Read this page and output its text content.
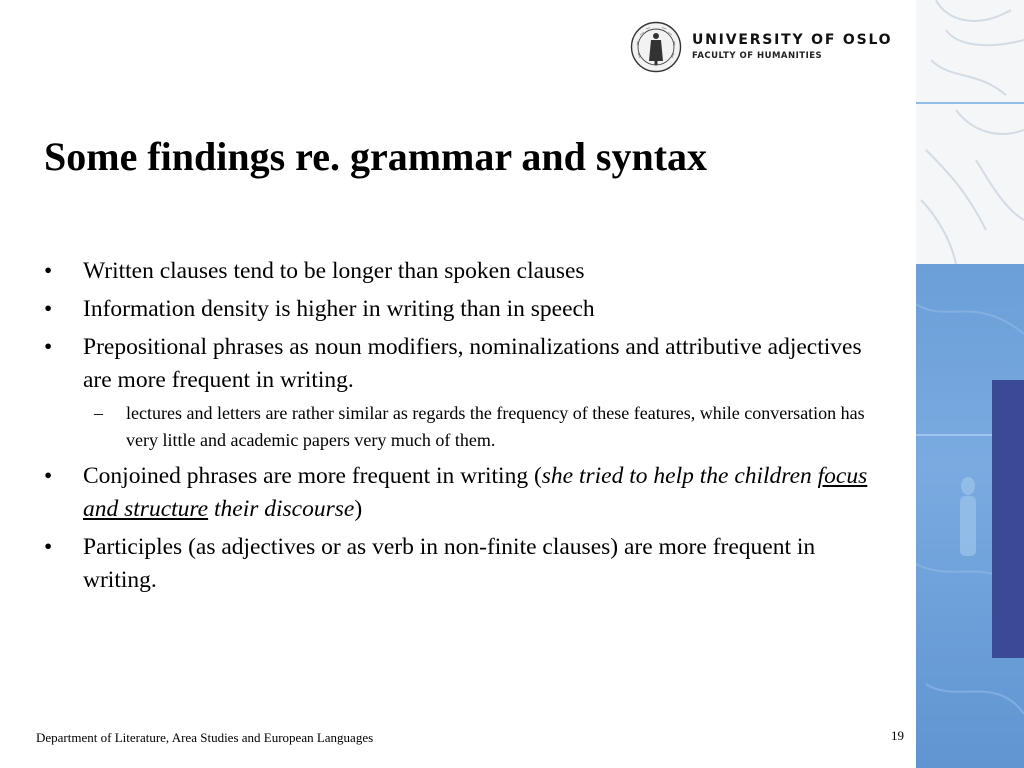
UNIVERSITY OF OSLO
FACULTY OF HUMANITIES
Some findings re. grammar and syntax
• Written clauses tend to be longer than spoken clauses
• Information density is higher in writing than in speech
• Prepositional phrases as noun modifiers, nominalizations and attributive adjectives are more frequent in writing.
– lectures and letters are rather similar as regards the frequency of these features, while conversation has very little and academic papers very much of them.
• Conjoined phrases are more frequent in writing (she tried to help the children focus and structure their discourse)
• Participles (as adjectives or as verb in non-finite clauses) are more frequent in writing.
Department of Literature, Area Studies and European Languages	19
